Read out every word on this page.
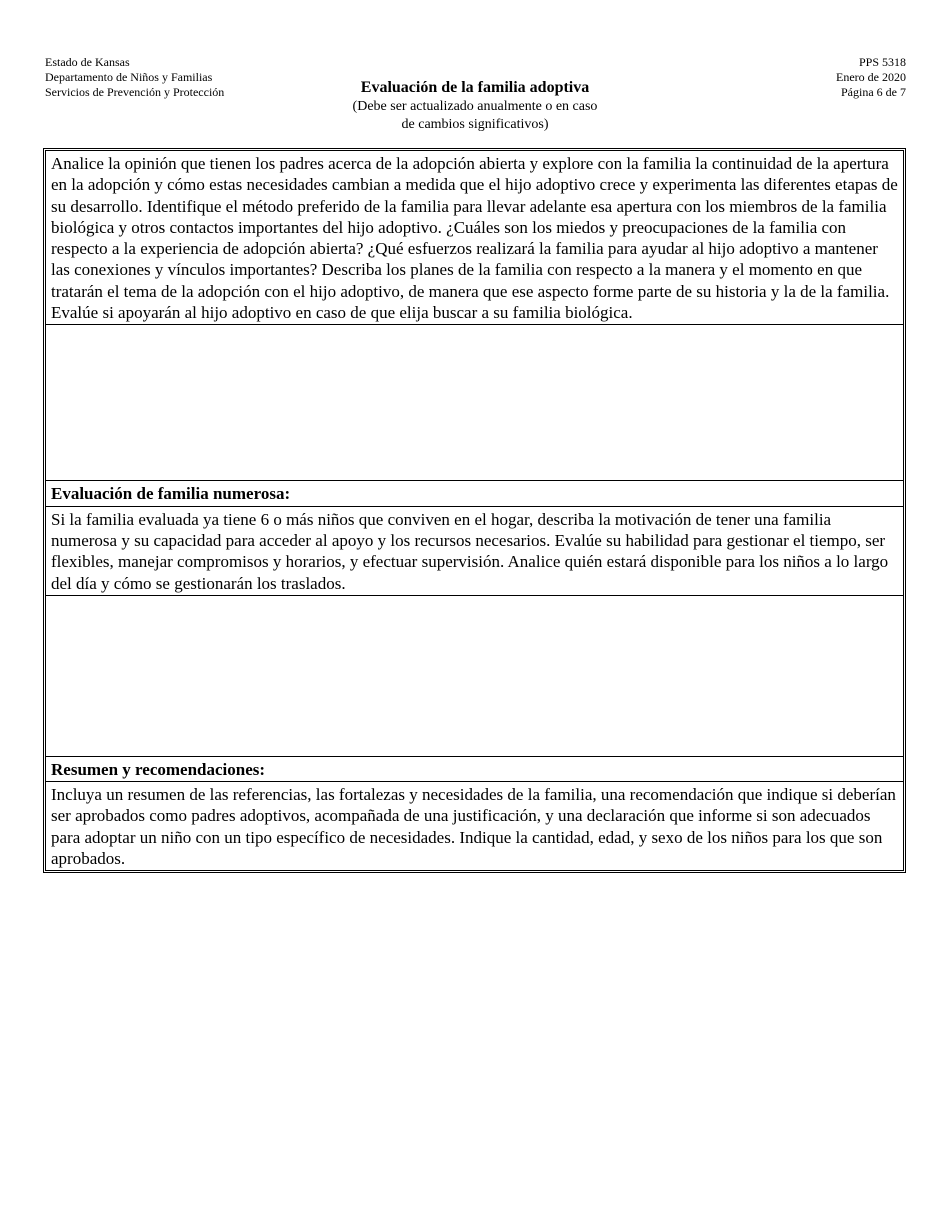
Estado de Kansas
Departamento de Niños y Familias
Servicios de Prevención y Protección	Evaluación de la familia adoptiva
(Debe ser actualizado anualmente o en caso
de cambios significativos)
PPS 5318
Enero de 2020
Página 6 de 7
Analice la opinión que tienen los padres acerca de la adopción abierta y explore con la familia la continuidad de la apertura en la adopción y cómo estas necesidades cambian a medida que el hijo adoptivo crece y experimenta las diferentes etapas de su desarrollo. Identifique el método preferido de la familia para llevar adelante esa apertura con los miembros de la familia biológica y otros contactos importantes del hijo adoptivo. ¿Cuáles son los miedos y preocupaciones de la familia con respecto a la experiencia de adopción abierta? ¿Qué esfuerzos realizará la familia para ayudar al hijo adoptivo a mantener las conexiones y vínculos importantes? Describa los planes de la familia con respecto a la manera y el momento en que tratarán el tema de la adopción con el hijo adoptivo, de manera que ese aspecto forme parte de su historia y la de la familia. Evalúe si apoyarán al hijo adoptivo en caso de que elija buscar a su familia biológica.
Evaluación de familia numerosa:
Si la familia evaluada ya tiene 6 o más niños que conviven en el hogar, describa la motivación de tener una familia numerosa y su capacidad para acceder al apoyo y los recursos necesarios. Evalúe su habilidad para gestionar el tiempo, ser flexibles, manejar compromisos y horarios, y efectuar supervisión. Analice quién estará disponible para los niños a lo largo del día y cómo se gestionarán los traslados.
Resumen y recomendaciones:
Incluya un resumen de las referencias, las fortalezas y necesidades de la familia, una recomendación que indique si deberían ser aprobados como padres adoptivos, acompañada de una justificación, y una declaración que informe si son adecuados para adoptar un niño con un tipo específico de necesidades. Indique la cantidad, edad, y sexo de los niños para los que son aprobados.
